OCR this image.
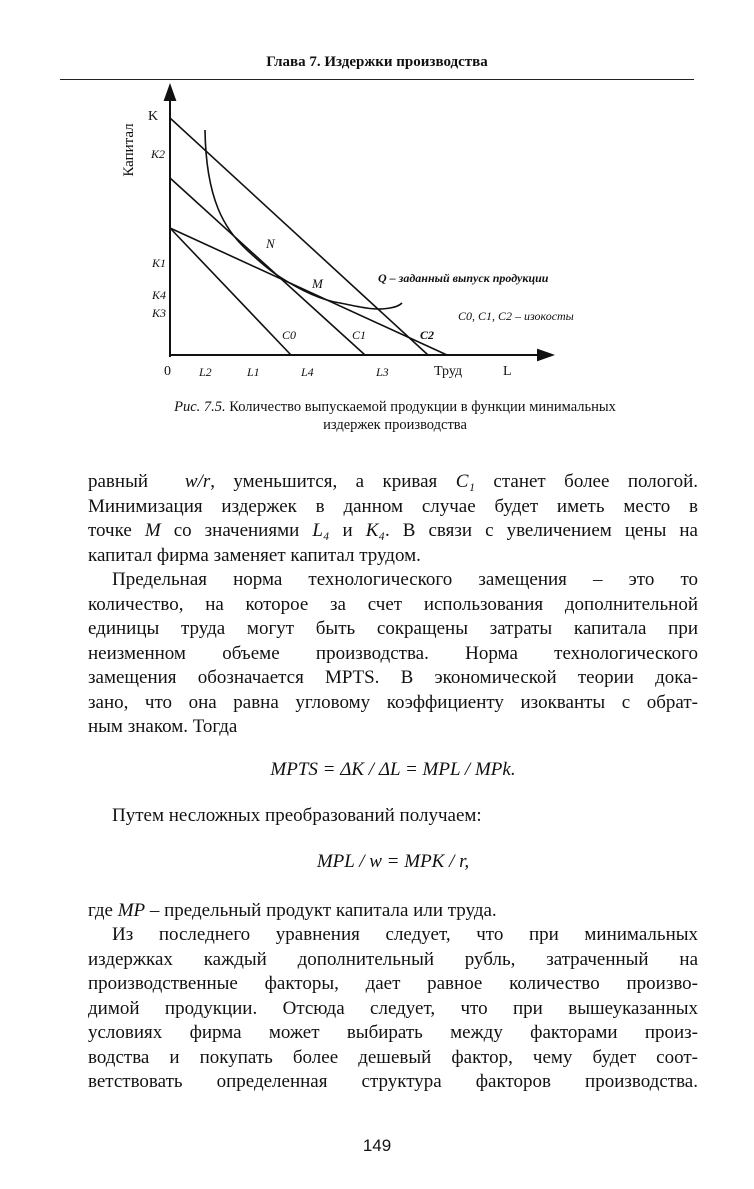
Глава 7. Издержки производства
Капитал
K
K2
K1
K4
K3
0 L2	L1	L4	L3	Труд	L
N
M
C0	C1	C2
Q – заданный выпуск продукции
C0, C1, C2 – изокосты
Рис. 7.5. Количество выпускаемой продукции в функции минимальных
издержек производства
равный  w/r, уменьшится, а кривая C₁ станет более пологой.
Минимизация издержек в данном случае будет иметь место в
точке M со значениями L₄ и K₄. В связи с увеличением цены на
капитал фирма заменяет капитал трудом.
Предельная норма технологического замещения – это то
количество, на которое за счет использования дополнительной
единицы труда могут быть сокращены затраты капитала при
неизменном объеме производства. Норма технологического
замещения обозначается MPTS. В экономической теории дока-
зано, что она равна угловому коэффициенту изокванты с обрат-
ным знаком. Тогда
MPTS = ΔK / ΔL = MPL / MPk.
Путем несложных преобразований получаем:
MPL / w = MPK / r,
где MP – предельный продукт капитала или труда.
Из последнего уравнения следует, что при минимальных
издержках каждый дополнительный рубль, затраченный на
производственные факторы, дает равное количество произво-
димой продукции. Отсюда следует, что при вышеуказанных
условиях фирма может выбирать между факторами произ-
водства и покупать более дешевый фактор, чему будет соот-
ветствовать определенная структура факторов производства.
149
